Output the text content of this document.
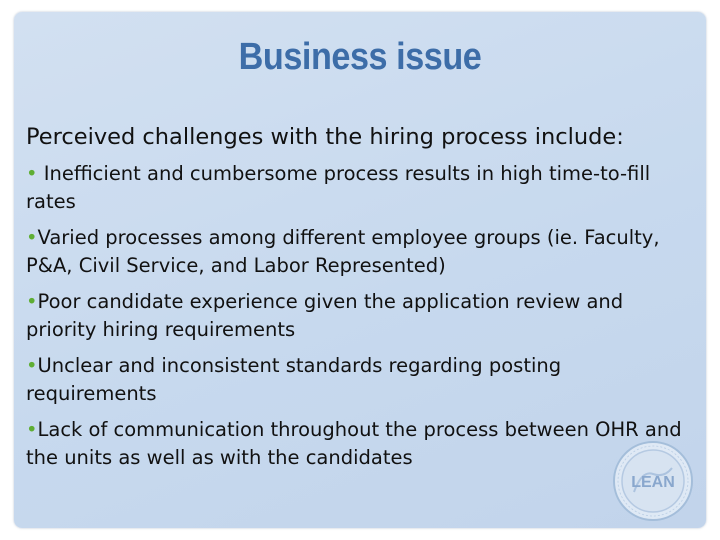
Business issue

Perceived challenges with the hiring process include:

• Inefficient and cumbersome process results in high time-to-fill rates

•Varied processes among different employee groups (ie. Faculty, P&A, Civil Service, and Labor Represented)

•Poor candidate experience given the application review and priority hiring requirements

•Unclear and inconsistent standards regarding posting requirements

•Lack of communication throughout the process between OHR and the units as well as with the candidates

LEAN
